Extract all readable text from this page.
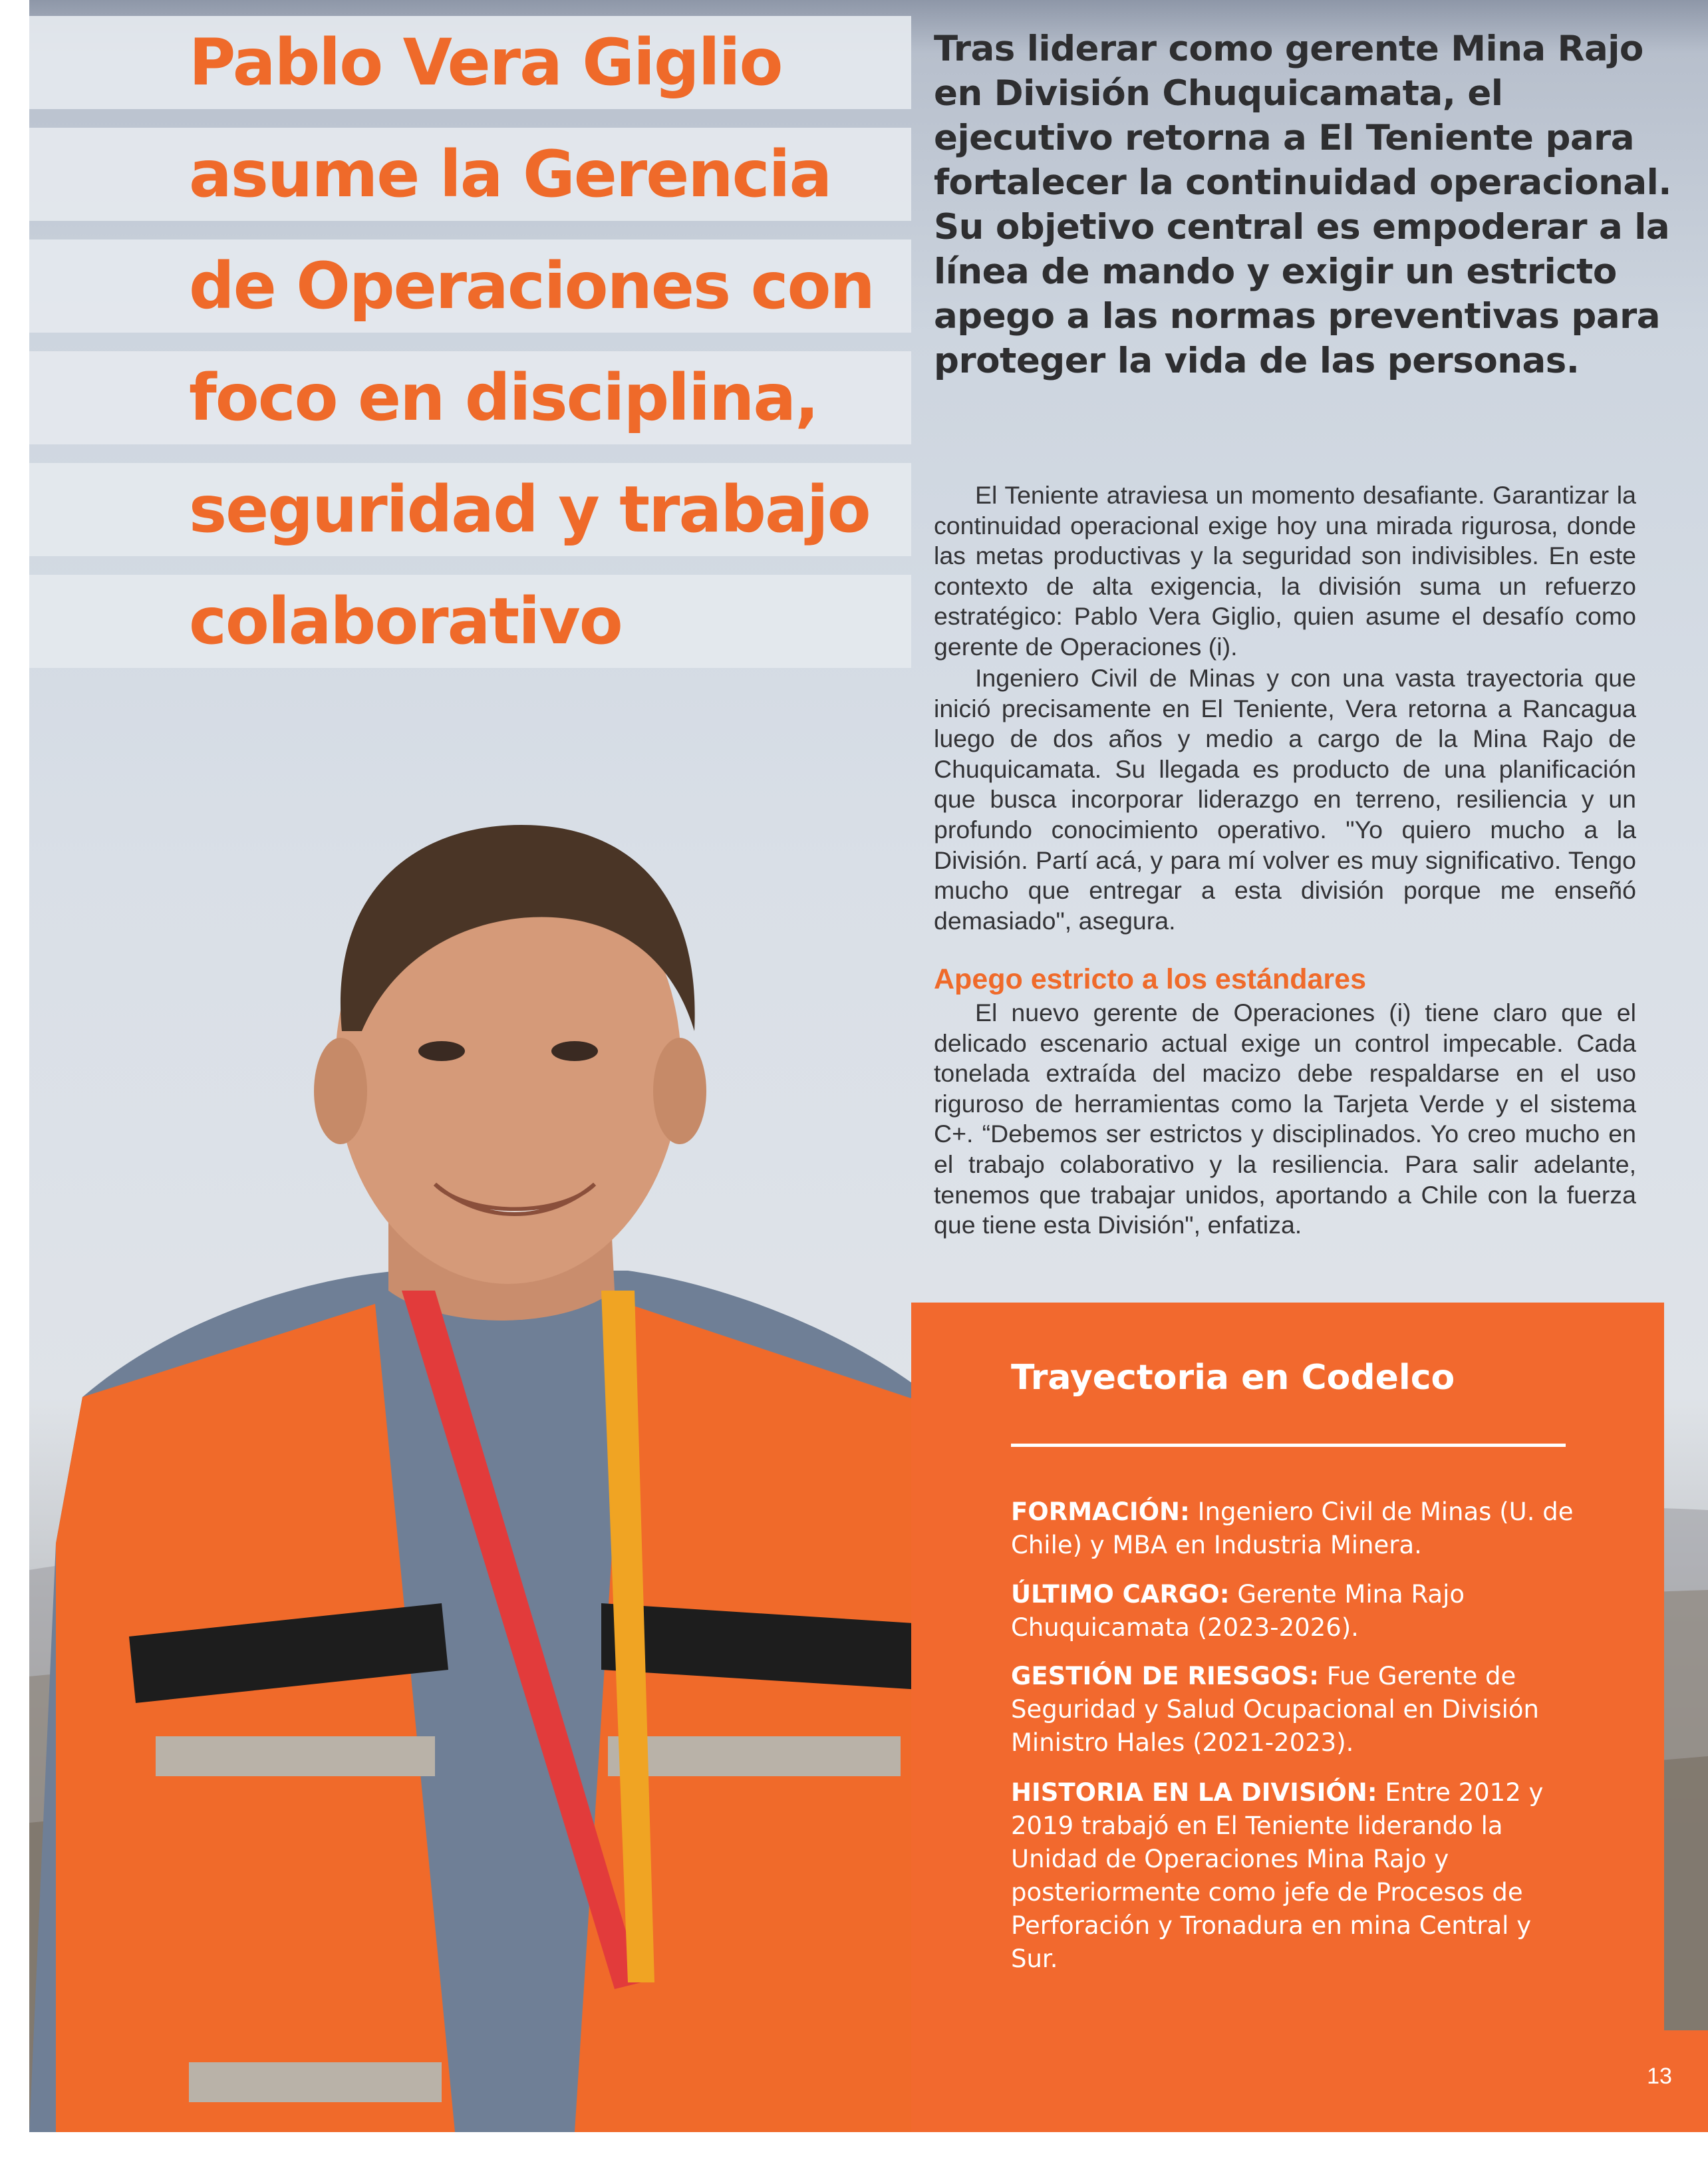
Pablo Vera Giglio
asume la Gerencia
de Operaciones con
foco en disciplina,
seguridad y trabajo
colaborativo
Tras liderar como gerente Mina Rajo en División Chuquicamata, el ejecutivo retorna a El Teniente para fortalecer la continuidad operacional. Su objetivo central es empoderar a la línea de mando y exigir un estricto apego a las normas preventivas para proteger la vida de las personas.

El Teniente atraviesa un momento desafiante. Garantizar la continuidad operacional exige hoy una mirada rigurosa, donde las metas productivas y la seguridad son indivisibles. En este contexto de alta exigencia, la división suma un refuerzo estratégico: Pablo Vera Giglio, quien asume el desafío como gerente de Operaciones (i).

Ingeniero Civil de Minas y con una vasta trayectoria que inició precisamente en El Teniente, Vera retorna a Rancagua luego de dos años y medio a cargo de la Mina Rajo de Chuquicamata. Su llegada es producto de una planificación que busca incorporar liderazgo en terreno, resiliencia y un profundo conocimiento operativo. "Yo quiero mucho a la División. Partí acá, y para mí volver es muy significativo. Tengo mucho que entregar a esta división porque me enseñó demasiado", asegura.

Apego estricto a los estándares

El nuevo gerente de Operaciones (i) tiene claro que el delicado escenario actual exige un control impecable. Cada tonelada extraída del macizo debe respaldarse en el uso riguroso de herramientas como la Tarjeta Verde y el sistema C+. “Debemos ser estrictos y disciplinados. Yo creo mucho en el trabajo colaborativo y la resiliencia. Para salir adelante, tenemos que trabajar unidos, aportando a Chile con la fuerza que tiene esta División", enfatiza.

Trayectoria en Codelco

FORMACIÓN: Ingeniero Civil de Minas (U. de Chile) y MBA en Industria Minera.

ÚLTIMO CARGO: Gerente Mina Rajo Chuquicamata (2023-2026).

GESTIÓN DE RIESGOS: Fue Gerente de Seguridad y Salud Ocupacional en División Ministro Hales (2021-2023).

HISTORIA EN LA DIVISIÓN: Entre 2012 y 2019 trabajó en El Teniente liderando la Unidad de Operaciones Mina Rajo y posteriormente como jefe de Procesos de Perforación y Tronadura en mina Central y Sur.

13
